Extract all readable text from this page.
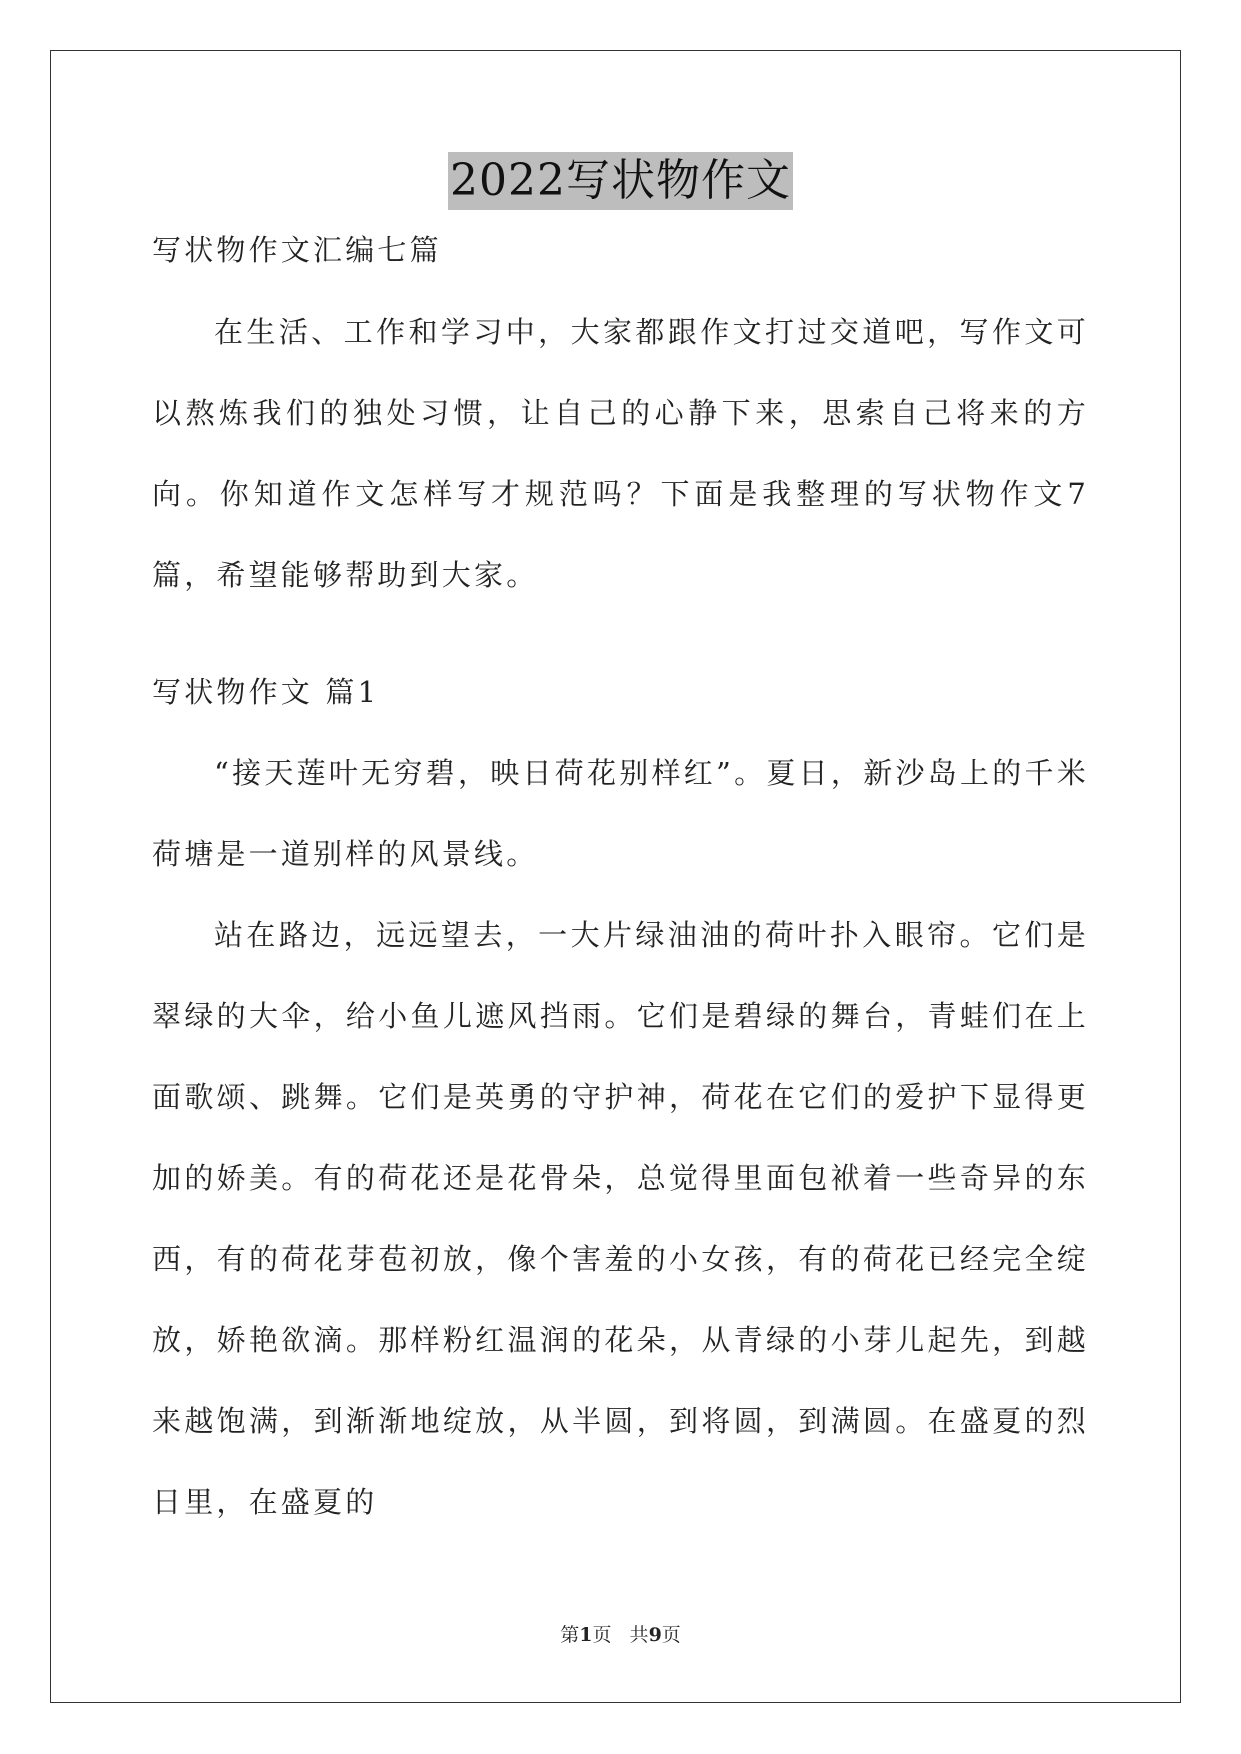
2022写状物作文

写状物作文汇编七篇

在生活、工作和学习中，大家都跟作文打过交道吧，写作文可以熬炼我们的独处习惯，让自己的心静下来，思索自己将来的方向。你知道作文怎样写才规范吗？下面是我整理的写状物作文7篇，希望能够帮助到大家。

写状物作文 篇1

“接天莲叶无穷碧，映日荷花别样红”。夏日，新沙岛上的千米荷塘是一道别样的风景线。

站在路边，远远望去，一大片绿油油的荷叶扑入眼帘。它们是翠绿的大伞，给小鱼儿遮风挡雨。它们是碧绿的舞台，青蛙们在上面歌颂、跳舞。它们是英勇的守护神，荷花在它们的爱护下显得更加的娇美。有的荷花还是花骨朵，总觉得里面包袱着一些奇异的东西，有的荷花芽苞初放，像个害羞的小女孩，有的荷花已经完全绽放，娇艳欲滴。那样粉红温润的花朵，从青绿的小芽儿起先，到越来越饱满，到渐渐地绽放，从半圆，到将圆，到满圆。在盛夏的烈日里，在盛夏的

第1页   共9页
